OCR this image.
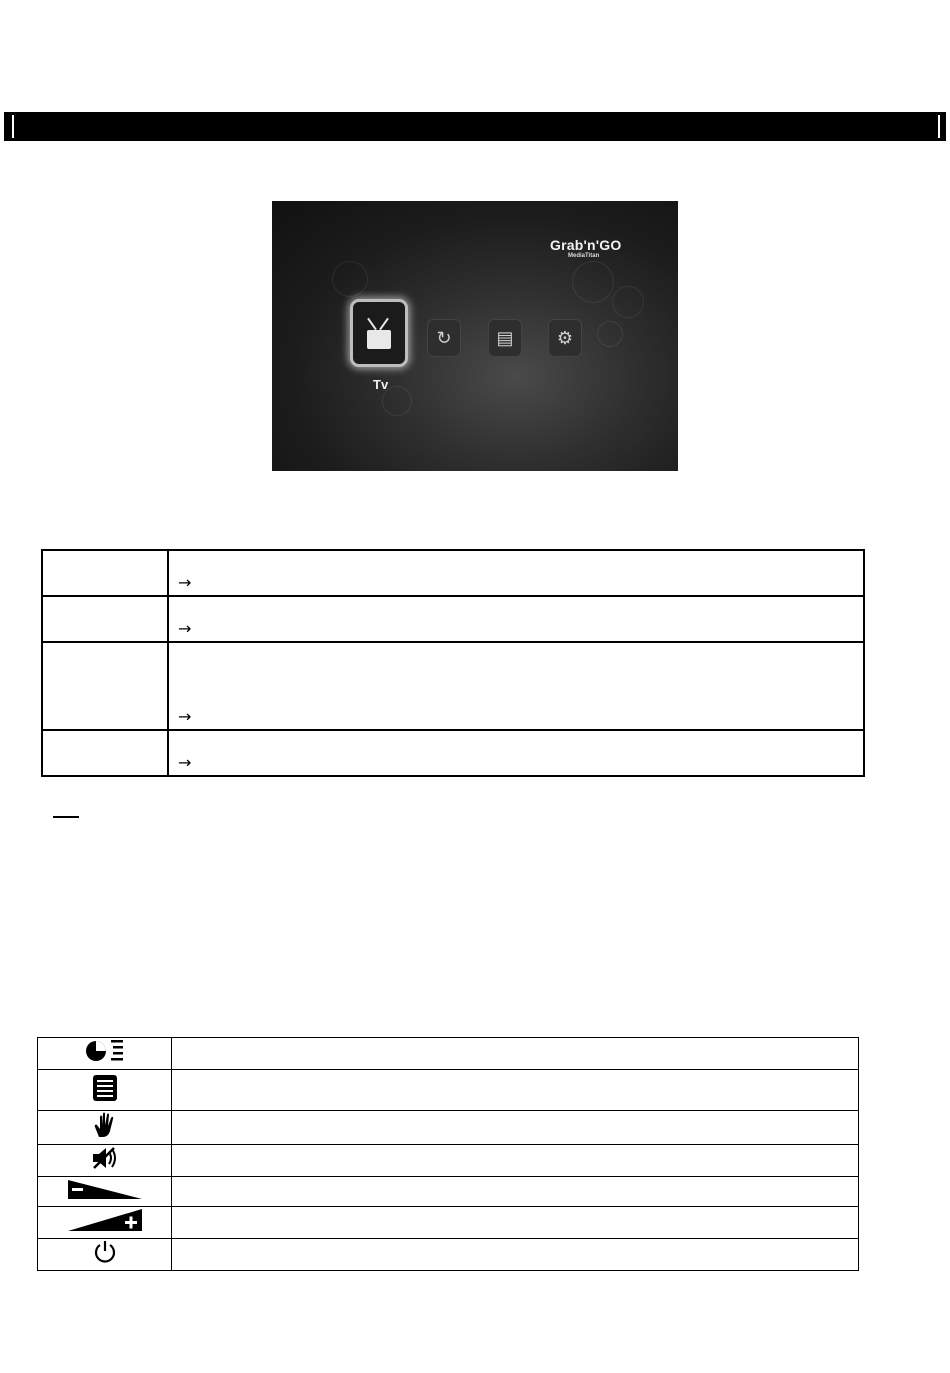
Grab'n'GO
MediaTitan
↻	▤	⚙
Tv

	→

	→

	→

	→
